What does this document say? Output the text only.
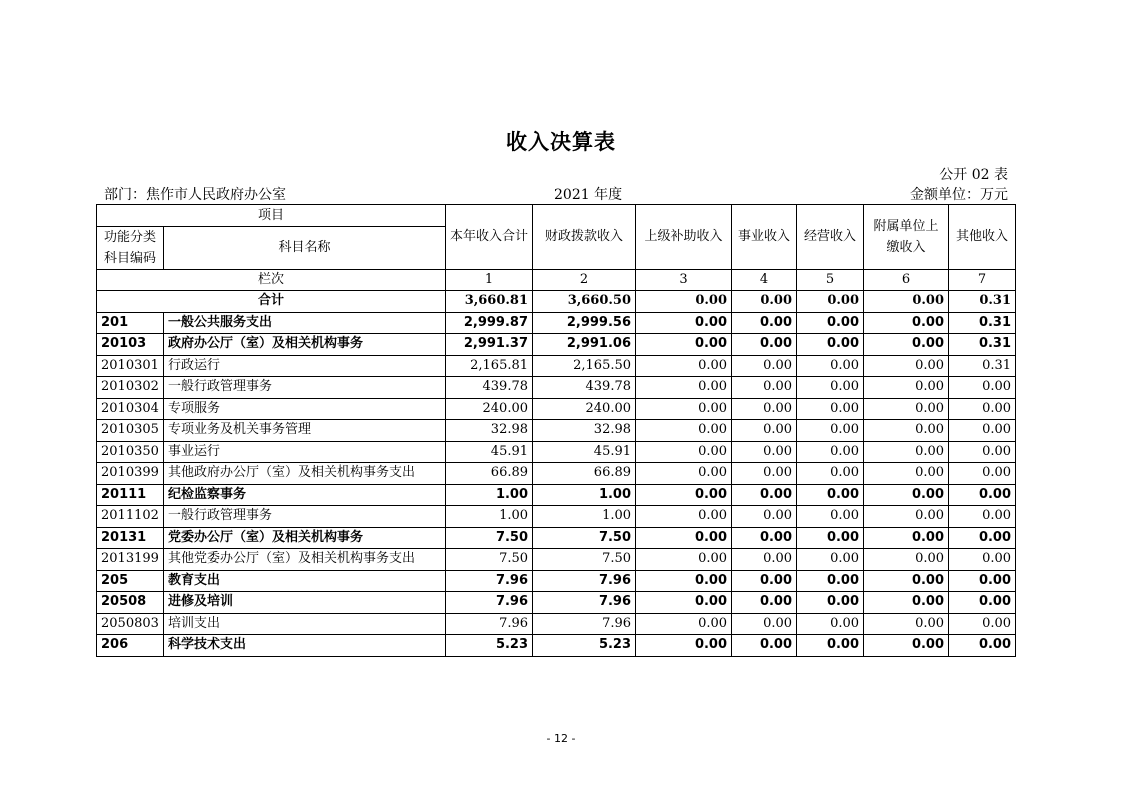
收入决算表
公开 02 表
部门：焦作市人民政府办公室	2021 年度	金额单位：万元
项目		本年收入合计	财政拨款收入	上级补助收入	事业收入	经营收入	附属单位上缴收入	其他收入
功能分类科目编码	科目名称							
栏次		1	2	3	4	5	6	7
合计		3,660.81	3,660.50	0.00	0.00	0.00	0.00	0.31
201	一般公共服务支出	2,999.87	2,999.56	0.00	0.00	0.00	0.00	0.31
20103	政府办公厅（室）及相关机构事务	2,991.37	2,991.06	0.00	0.00	0.00	0.00	0.31
2010301	行政运行	2,165.81	2,165.50	0.00	0.00	0.00	0.00	0.31
2010302	一般行政管理事务	439.78	439.78	0.00	0.00	0.00	0.00	0.00
2010304	专项服务	240.00	240.00	0.00	0.00	0.00	0.00	0.00
2010305	专项业务及机关事务管理	32.98	32.98	0.00	0.00	0.00	0.00	0.00
2010350	事业运行	45.91	45.91	0.00	0.00	0.00	0.00	0.00
2010399	其他政府办公厅（室）及相关机构事务支出	66.89	66.89	0.00	0.00	0.00	0.00	0.00
20111	纪检监察事务	1.00	1.00	0.00	0.00	0.00	0.00	0.00
2011102	一般行政管理事务	1.00	1.00	0.00	0.00	0.00	0.00	0.00
20131	党委办公厅（室）及相关机构事务	7.50	7.50	0.00	0.00	0.00	0.00	0.00
2013199	其他党委办公厅（室）及相关机构事务支出	7.50	7.50	0.00	0.00	0.00	0.00	0.00
205	教育支出	7.96	7.96	0.00	0.00	0.00	0.00	0.00
20508	进修及培训	7.96	7.96	0.00	0.00	0.00	0.00	0.00
2050803	培训支出	7.96	7.96	0.00	0.00	0.00	0.00	0.00
206	科学技术支出	5.23	5.23	0.00	0.00	0.00	0.00	0.00
- 12 -
